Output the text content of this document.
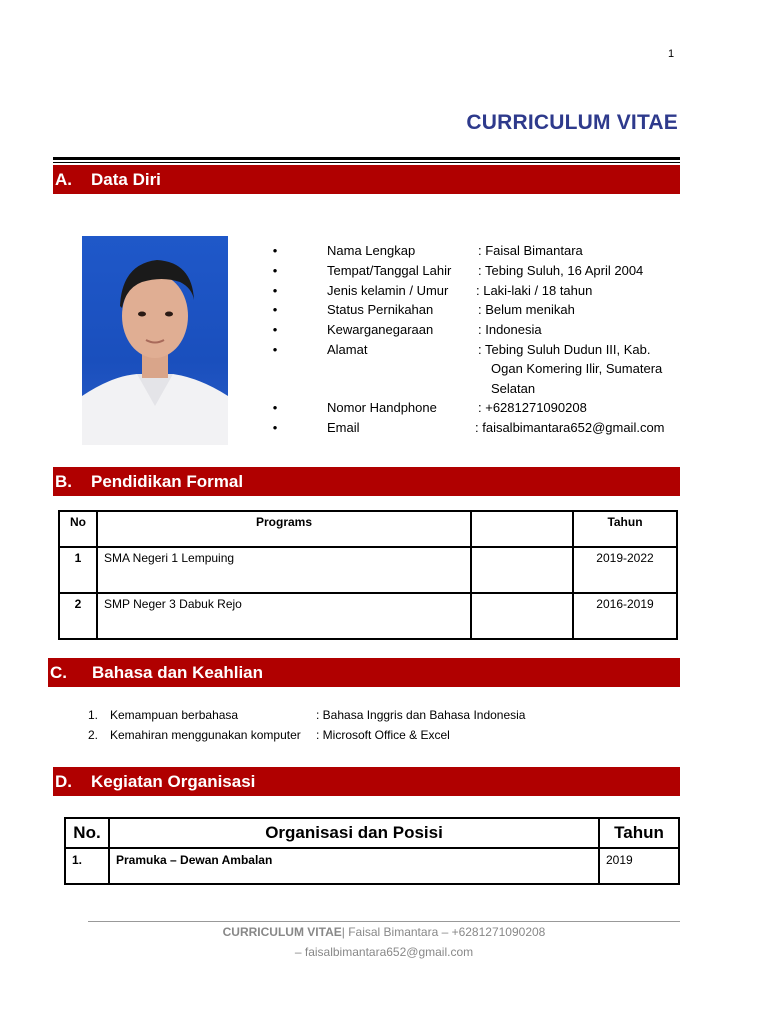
1
CURRICULUM VITAE
A.	Data Diri
•	Nama Lengkap	: Faisal Bimantara
•	Tempat/Tanggal Lahir : Tebing Suluh, 16 April 2004
•	Jenis kelamin / Umur : Laki-laki / 18 tahun
•	Status Pernikahan	: Belum menikah
•	Kewarganegaraan	: Indonesia
•	Alamat	: Tebing Suluh Dudun III, Kab.
Ogan Komering Ilir, Sumatera
Selatan
•	Nomor Handphone	: +6281271090208
•	Email	: faisalbimantara652@gmail.com
B.	Pendidikan Formal
No	Programs		Tahun
1	SMA Negeri 1 Lempuing		2019-2022
2	SMP Neger 3 Dabuk Rejo		2016-2019
C.	Bahasa dan Keahlian
1. Kemampuan berbahasa	: Bahasa Inggris dan Bahasa Indonesia
2. Kemahiran menggunakan komputer : Microsoft Office & Excel
D.	Kegiatan Organisasi
No.	Organisasi dan Posisi	Tahun
1.	Pramuka – Dewan Ambalan	2019
CURRICULUM VITAE| Faisal Bimantara – +6281271090208
– faisalbimantara652@gmail.com
